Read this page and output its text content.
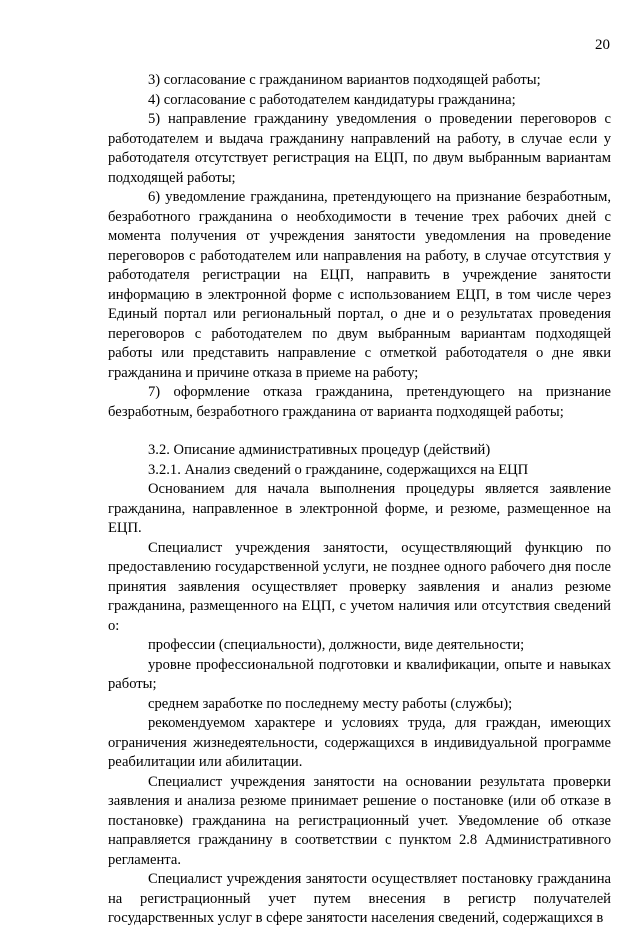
20

3) согласование с гражданином вариантов подходящей работы;

4) согласование с работодателем кандидатуры гражданина;

5) направление гражданину уведомления о проведении переговоров с работодателем и выдача гражданину направлений на работу, в случае если у работодателя отсутствует регистрация на ЕЦП, по двум выбранным вариантам подходящей работы;

6) уведомление гражданина, претендующего на признание безработным, безработного гражданина о необходимости в течение трех рабочих дней с момента получения от учреждения занятости уведомления на проведение переговоров с работодателем или направления на работу, в случае отсутствия у работодателя регистрации на ЕЦП, направить в учреждение занятости информацию в электронной форме с использованием ЕЦП, в том числе через Единый портал или региональный портал, о дне и о результатах проведения переговоров с работодателем по двум выбранным вариантам подходящей работы или представить направление с отметкой работодателя о дне явки гражданина и причине отказа в приеме на работу;

7) оформление отказа гражданина, претендующего на признание безработным, безработного гражданина от варианта подходящей работы;

3.2. Описание административных процедур (действий)

3.2.1. Анализ сведений о гражданине, содержащихся на ЕЦП

Основанием для начала выполнения процедуры является заявление гражданина, направленное в электронной форме, и резюме, размещенное на ЕЦП.

Специалист учреждения занятости, осуществляющий функцию по предоставлению государственной услуги, не позднее одного рабочего дня после принятия заявления осуществляет проверку заявления и анализ резюме гражданина, размещенного на ЕЦП, с учетом наличия или отсутствия сведений о:

профессии (специальности), должности, виде деятельности;

уровне профессиональной подготовки и квалификации, опыте и навыках работы;

среднем заработке по последнему месту работы (службы);

рекомендуемом характере и условиях труда, для граждан, имеющих ограничения жизнедеятельности, содержащихся в индивидуальной программе реабилитации или абилитации.

Специалист учреждения занятости на основании результата проверки заявления и анализа резюме принимает решение о постановке (или об отказе в постановке) гражданина на регистрационный учет. Уведомление об отказе направляется гражданину в соответствии с пунктом 2.8 Административного регламента.

Специалист учреждения занятости осуществляет постановку гражданина на регистрационный учет путем внесения в регистр получателей государственных услуг в сфере занятости населения сведений, содержащихся в
